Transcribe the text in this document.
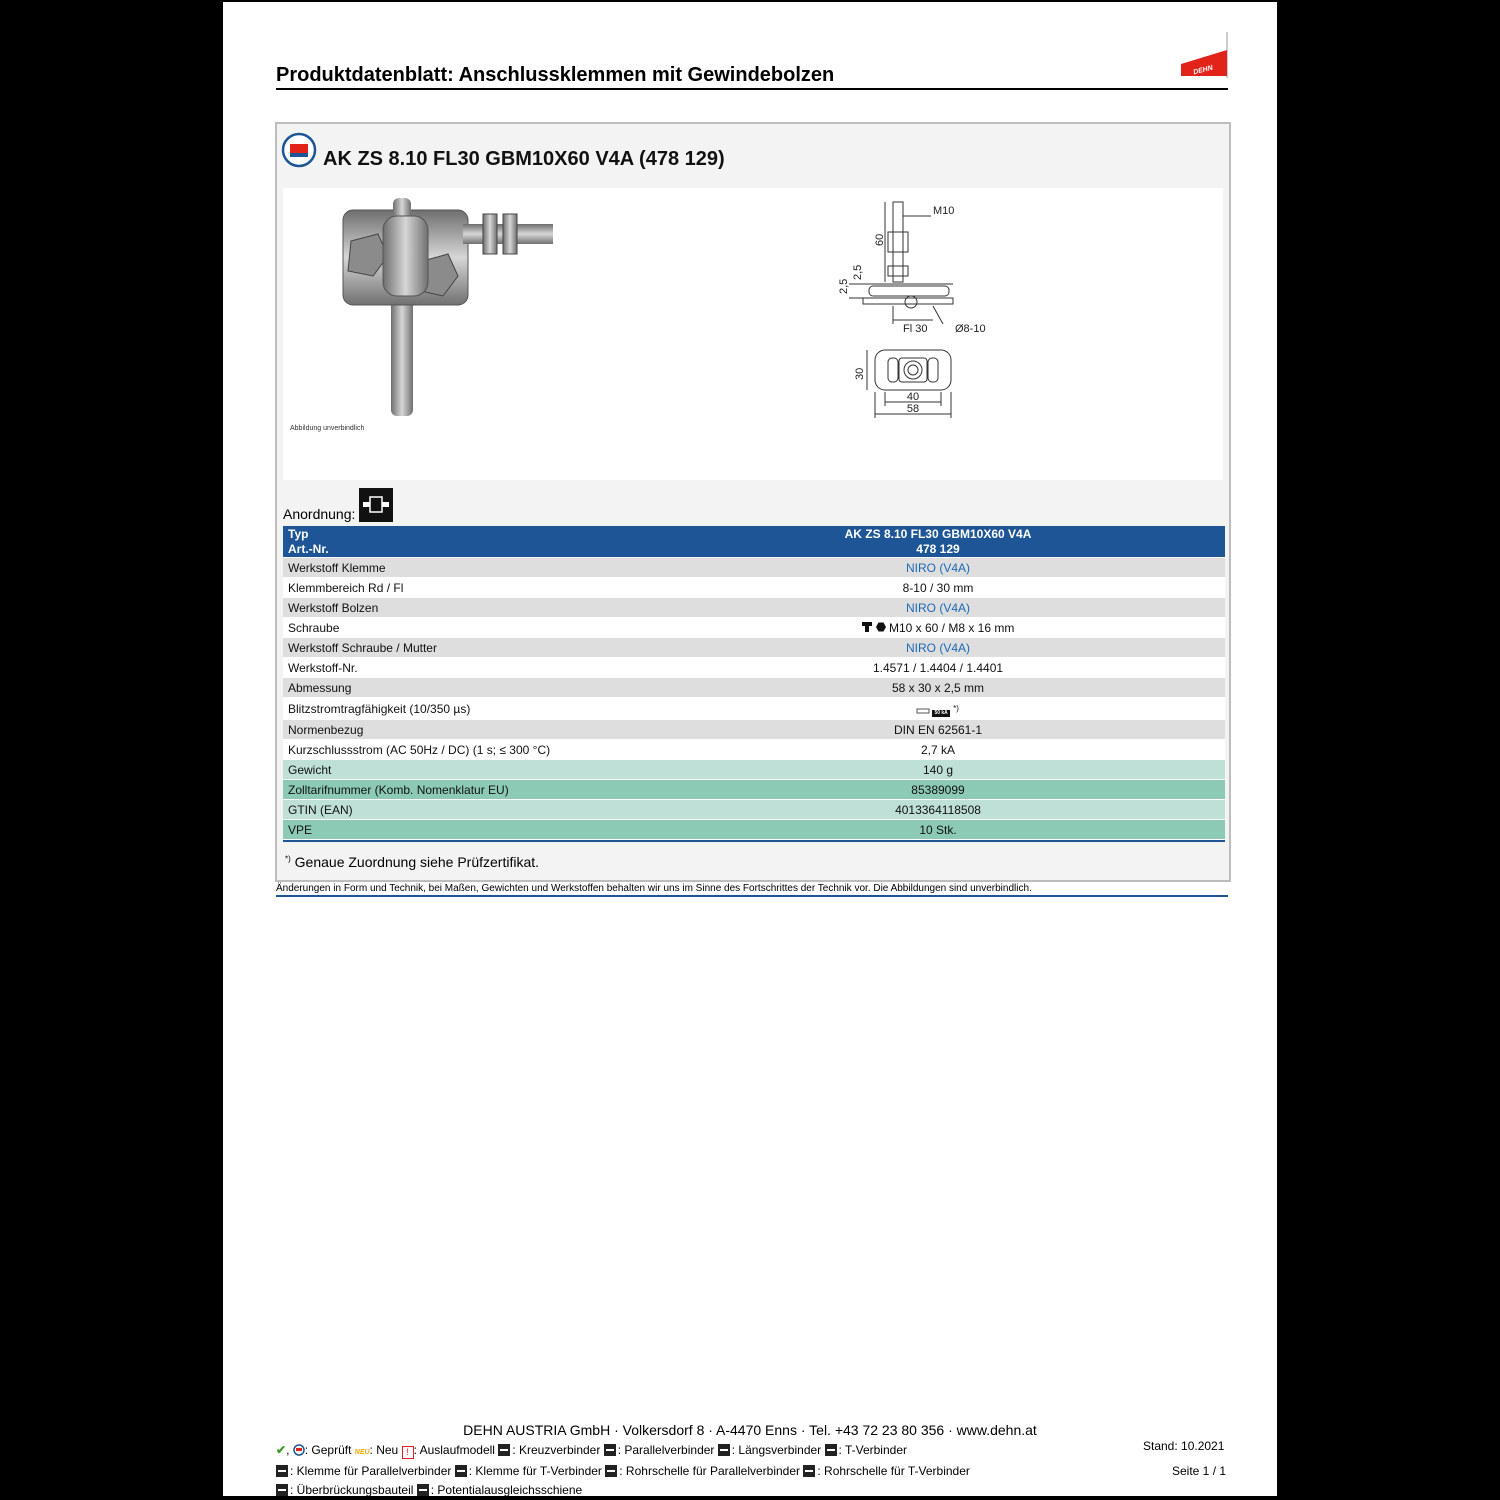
Produktdatenblatt: Anschlussklemmen mit Gewindebolzen	DEHN
AK ZS 8.10 FL30 GBM10X60 V4A (478 129)
Abbildung unverbindlich
M10
60
2,5
2,5
Fl 30	Ø8-10
30
40
58
Anordnung:
Typ	AK ZS 8.10 FL30 GBM10X60 V4A
Art.-Nr.	478 129
Werkstoff Klemme	NIRO (V4A)
Klemmbereich Rd / Fl	8-10 / 30 mm
Werkstoff Bolzen	NIRO (V4A)
Schraube	M10 x 60 / M8 x 16 mm
Werkstoff Schraube / Mutter	NIRO (V4A)
Werkstoff-Nr.	1.4571 / 1.4404 / 1.4401
Abmessung	58 x 30 x 2,5 mm
Blitzstromtragfähigkeit (10/350 µs)	50 kA *)
Normenbezug	DIN EN 62561-1
Kurzschlussstrom (AC 50Hz / DC) (1 s; ≤ 300 °C)	2,7 kA
Gewicht	140 g
Zolltarifnummer (Komb. Nomenklatur EU)	85389099
GTIN (EAN)	4013364118508
VPE	10 Stk.
*) Genaue Zuordnung siehe Prüfzertifikat.
Änderungen in Form und Technik, bei Maßen, Gewichten und Werkstoffen behalten wir uns im Sinne des Fortschrittes der Technik vor. Die Abbildungen sind unverbindlich.
DEHN AUSTRIA GmbH · Volkersdorf 8 · A-4470 Enns · Tel. +43 72 23 80 356 · www.dehn.at
Stand: 10.2021
Seite 1 / 1
✔, : Geprüft NEU: Neu ! : Auslaufmodell : Kreuzverbinder : Parallelverbinder : Längsverbinder : T-Verbinder
: Klemme für Parallelverbinder : Klemme für T-Verbinder : Rohrschelle für Parallelverbinder : Rohrschelle für T-Verbinder
: Überbrückungsbauteil : Potentialausgleichsschiene
